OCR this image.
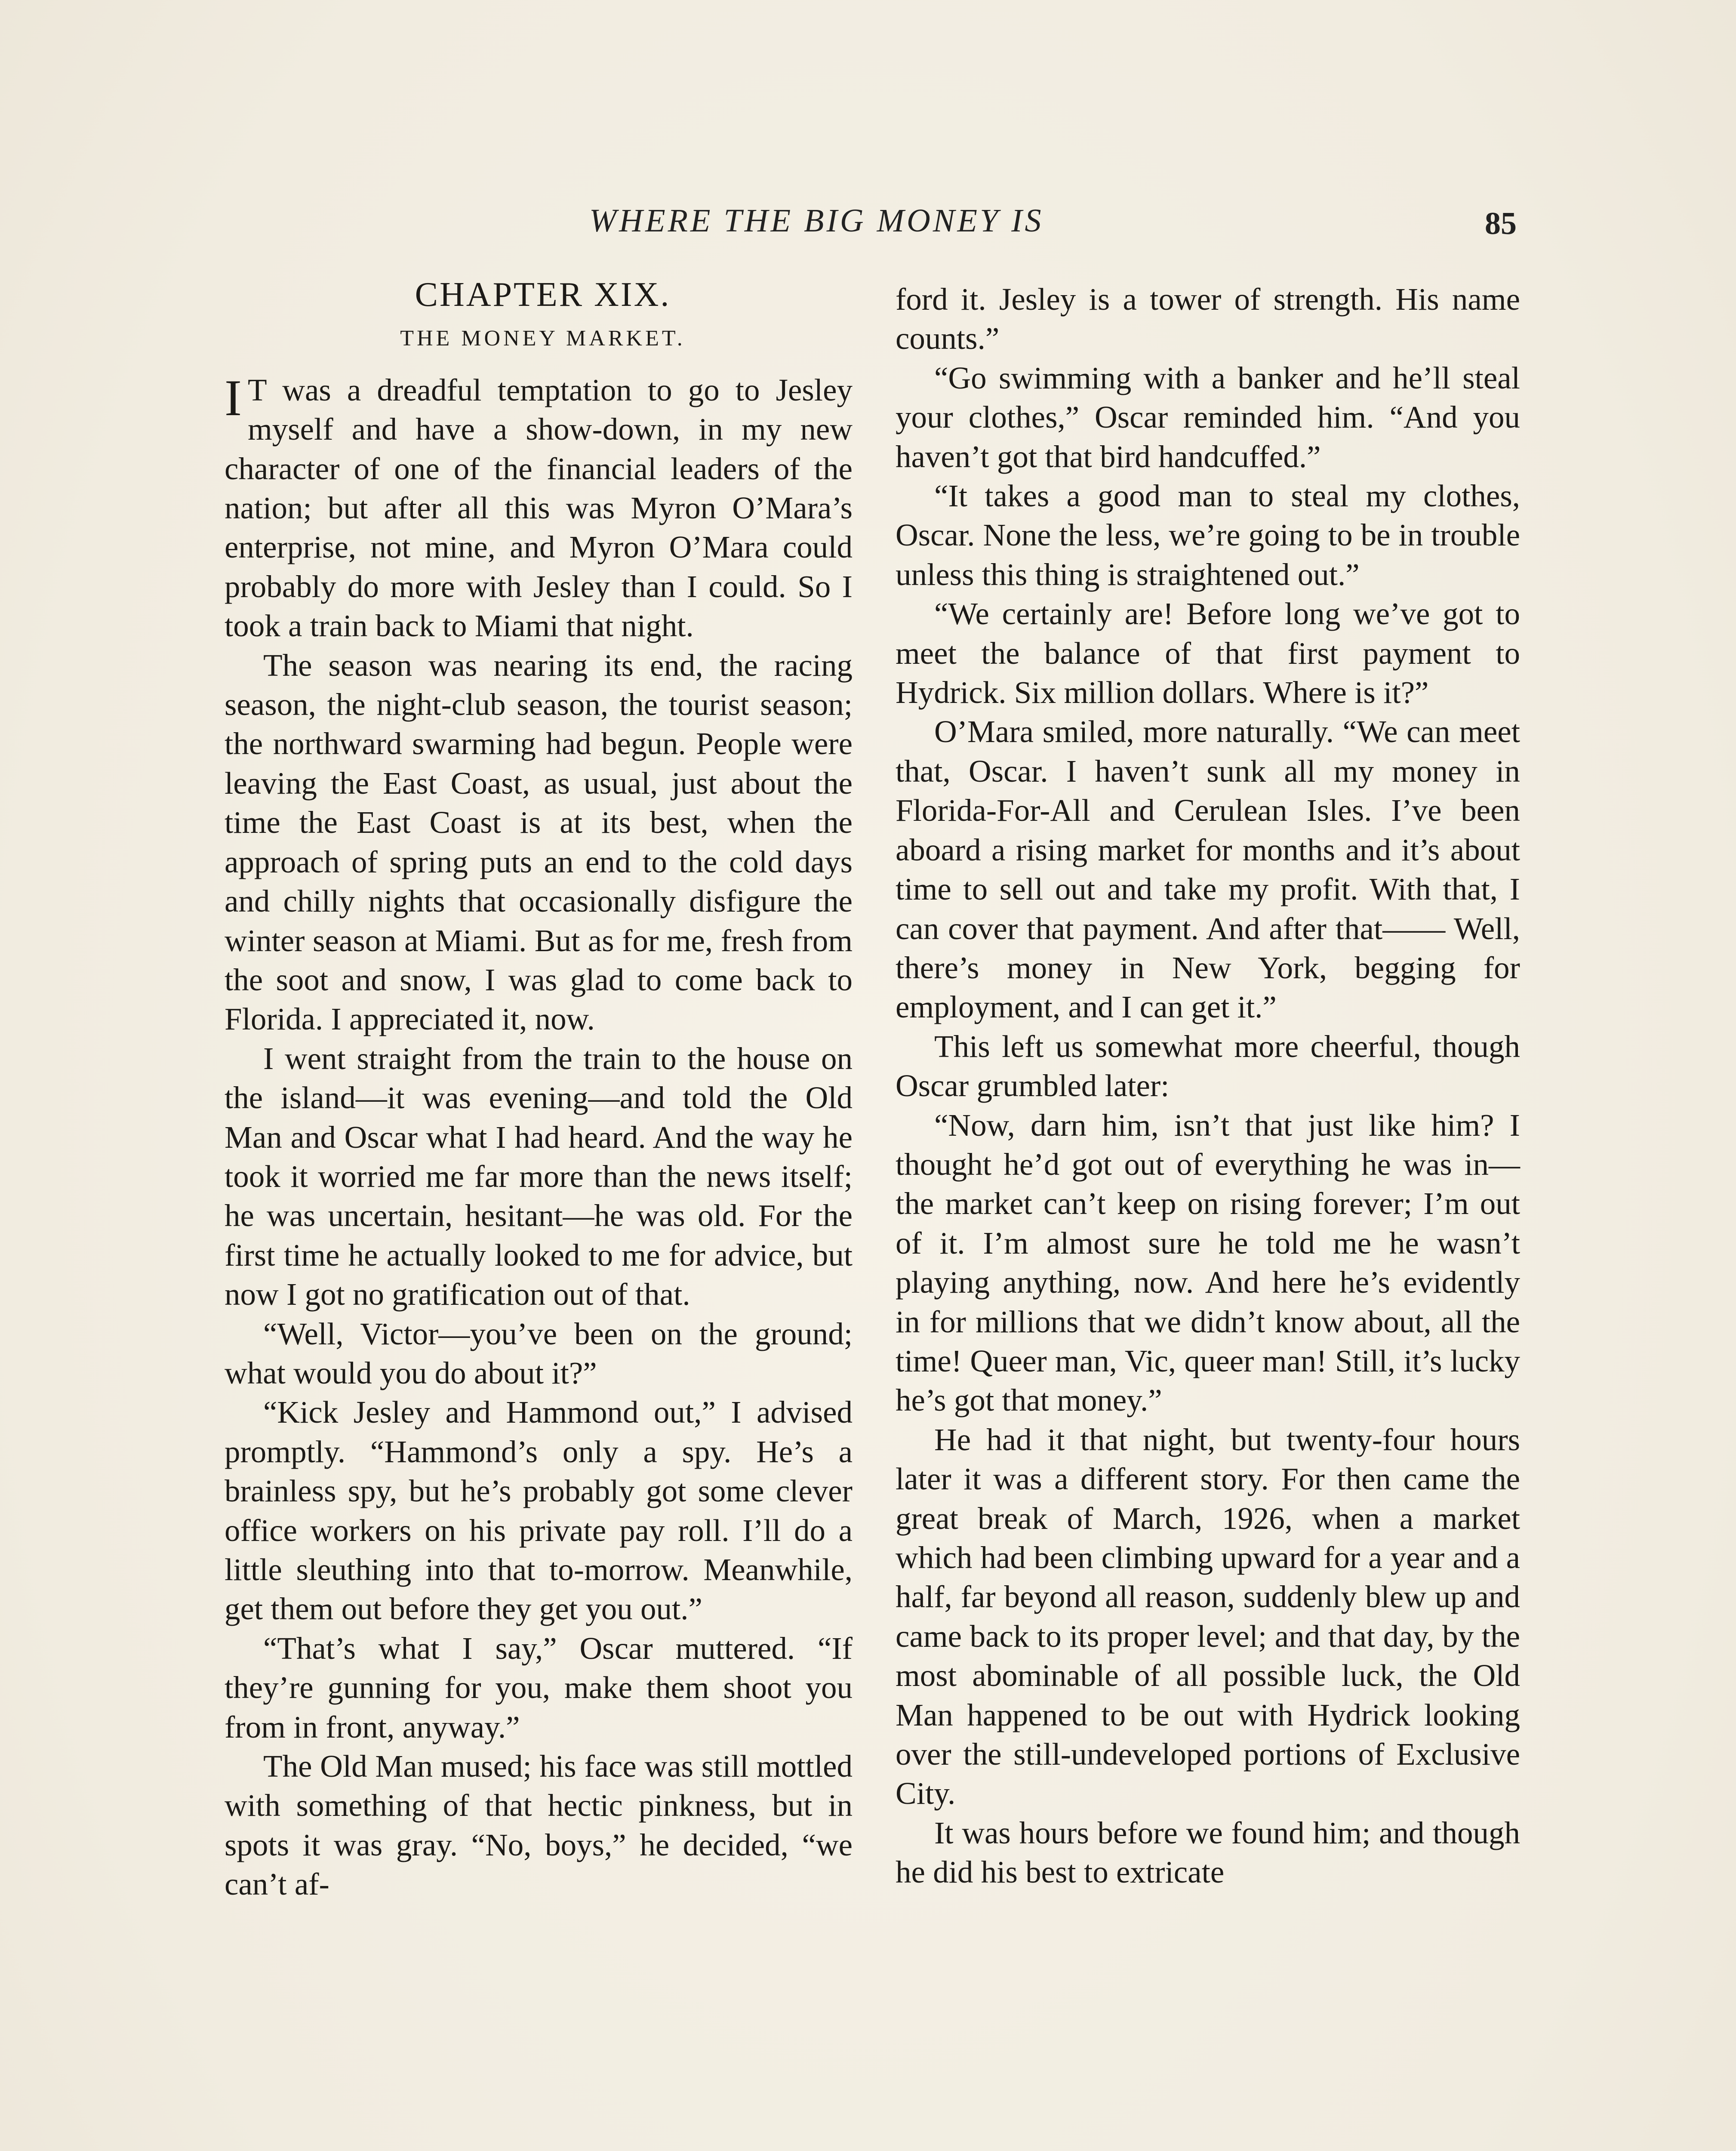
WHERE THE BIG MONEY IS	85
CHAPTER XIX.
THE MONEY MARKET.

I T was a dreadful temptation to go to Jesley myself and have a show-down, in my new character of one of the financial leaders of the nation; but after all this was Myron O’Mara’s enterprise, not mine, and Myron O’Mara could probably do more with Jesley than I could. So I took a train back to Miami that night.

The season was nearing its end, the racing season, the night-club season, the tourist season; the northward swarming had begun. People were leaving the East Coast, as usual, just about the time the East Coast is at its best, when the approach of spring puts an end to the cold days and chilly nights that occasionally disfigure the winter season at Miami. But as for me, fresh from the soot and snow, I was glad to come back to Florida. I appreciated it, now.

I went straight from the train to the house on the island—it was evening—and told the Old Man and Oscar what I had heard. And the way he took it worried me far more than the news itself; he was uncertain, hesitant—he was old. For the first time he actually looked to me for advice, but now I got no gratification out of that.

“Well, Victor—you’ve been on the ground; what would you do about it?”

“Kick Jesley and Hammond out,” I advised promptly. “Hammond’s only a spy. He’s a brainless spy, but he’s probably got some clever office workers on his private pay roll. I’ll do a little sleuthing into that to-morrow. Meanwhile, get them out before they get you out.”

“That’s what I say,” Oscar muttered. “If they’re gunning for you, make them shoot you from in front, anyway.”

The Old Man mused; his face was still mottled with something of that hectic pinkness, but in spots it was gray. “No, boys,” he decided, “we can’t af-

ford it. Jesley is a tower of strength. His name counts.”

“Go swimming with a banker and he’ll steal your clothes,” Oscar reminded him. “And you haven’t got that bird handcuffed.”

“It takes a good man to steal my clothes, Oscar. None the less, we’re going to be in trouble unless this thing is straightened out.”

“We certainly are! Before long we’ve got to meet the balance of that first payment to Hydrick. Six million dollars. Where is it?”

O’Mara smiled, more naturally. “We can meet that, Oscar. I haven’t sunk all my money in Florida-For-All and Cerulean Isles. I’ve been aboard a rising market for months and it’s about time to sell out and take my profit. With that, I can cover that payment. And after that—— Well, there’s money in New York, begging for employment, and I can get it.”

This left us somewhat more cheerful, though Oscar grumbled later:

“Now, darn him, isn’t that just like him? I thought he’d got out of everything he was in—the market can’t keep on rising forever; I’m out of it. I’m almost sure he told me he wasn’t playing anything, now. And here he’s evidently in for millions that we didn’t know about, all the time! Queer man, Vic, queer man! Still, it’s lucky he’s got that money.”

He had it that night, but twenty-four hours later it was a different story. For then came the great break of March, 1926, when a market which had been climbing upward for a year and a half, far beyond all reason, suddenly blew up and came back to its proper level; and that day, by the most abominable of all possible luck, the Old Man happened to be out with Hydrick looking over the still-undeveloped portions of Exclusive City.

It was hours before we found him; and though he did his best to extricate
